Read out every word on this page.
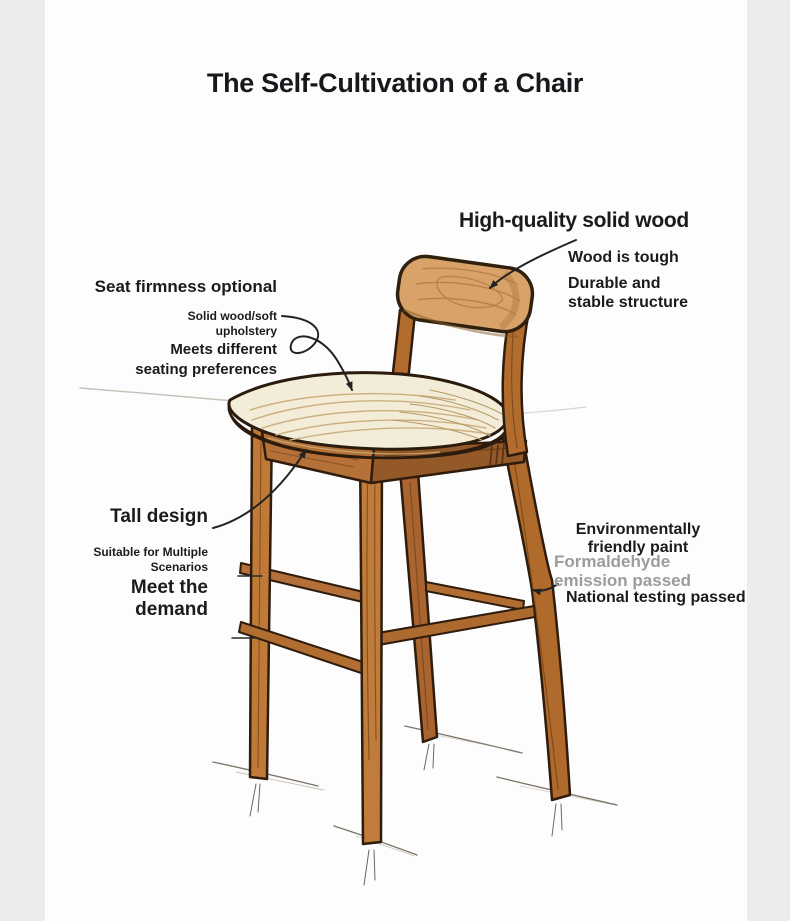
The Self-Cultivation of a Chair
High-quality solid wood
Wood is tough
Durable and
stable structure
Seat firmness optional
Solid wood/soft
upholstery
Meets different
seating preferences
Tall design
Suitable for Multiple
Scenarios
Meet the
demand
Environmentally
friendly paint
Formaldehyde
emission passed
National testing passed
